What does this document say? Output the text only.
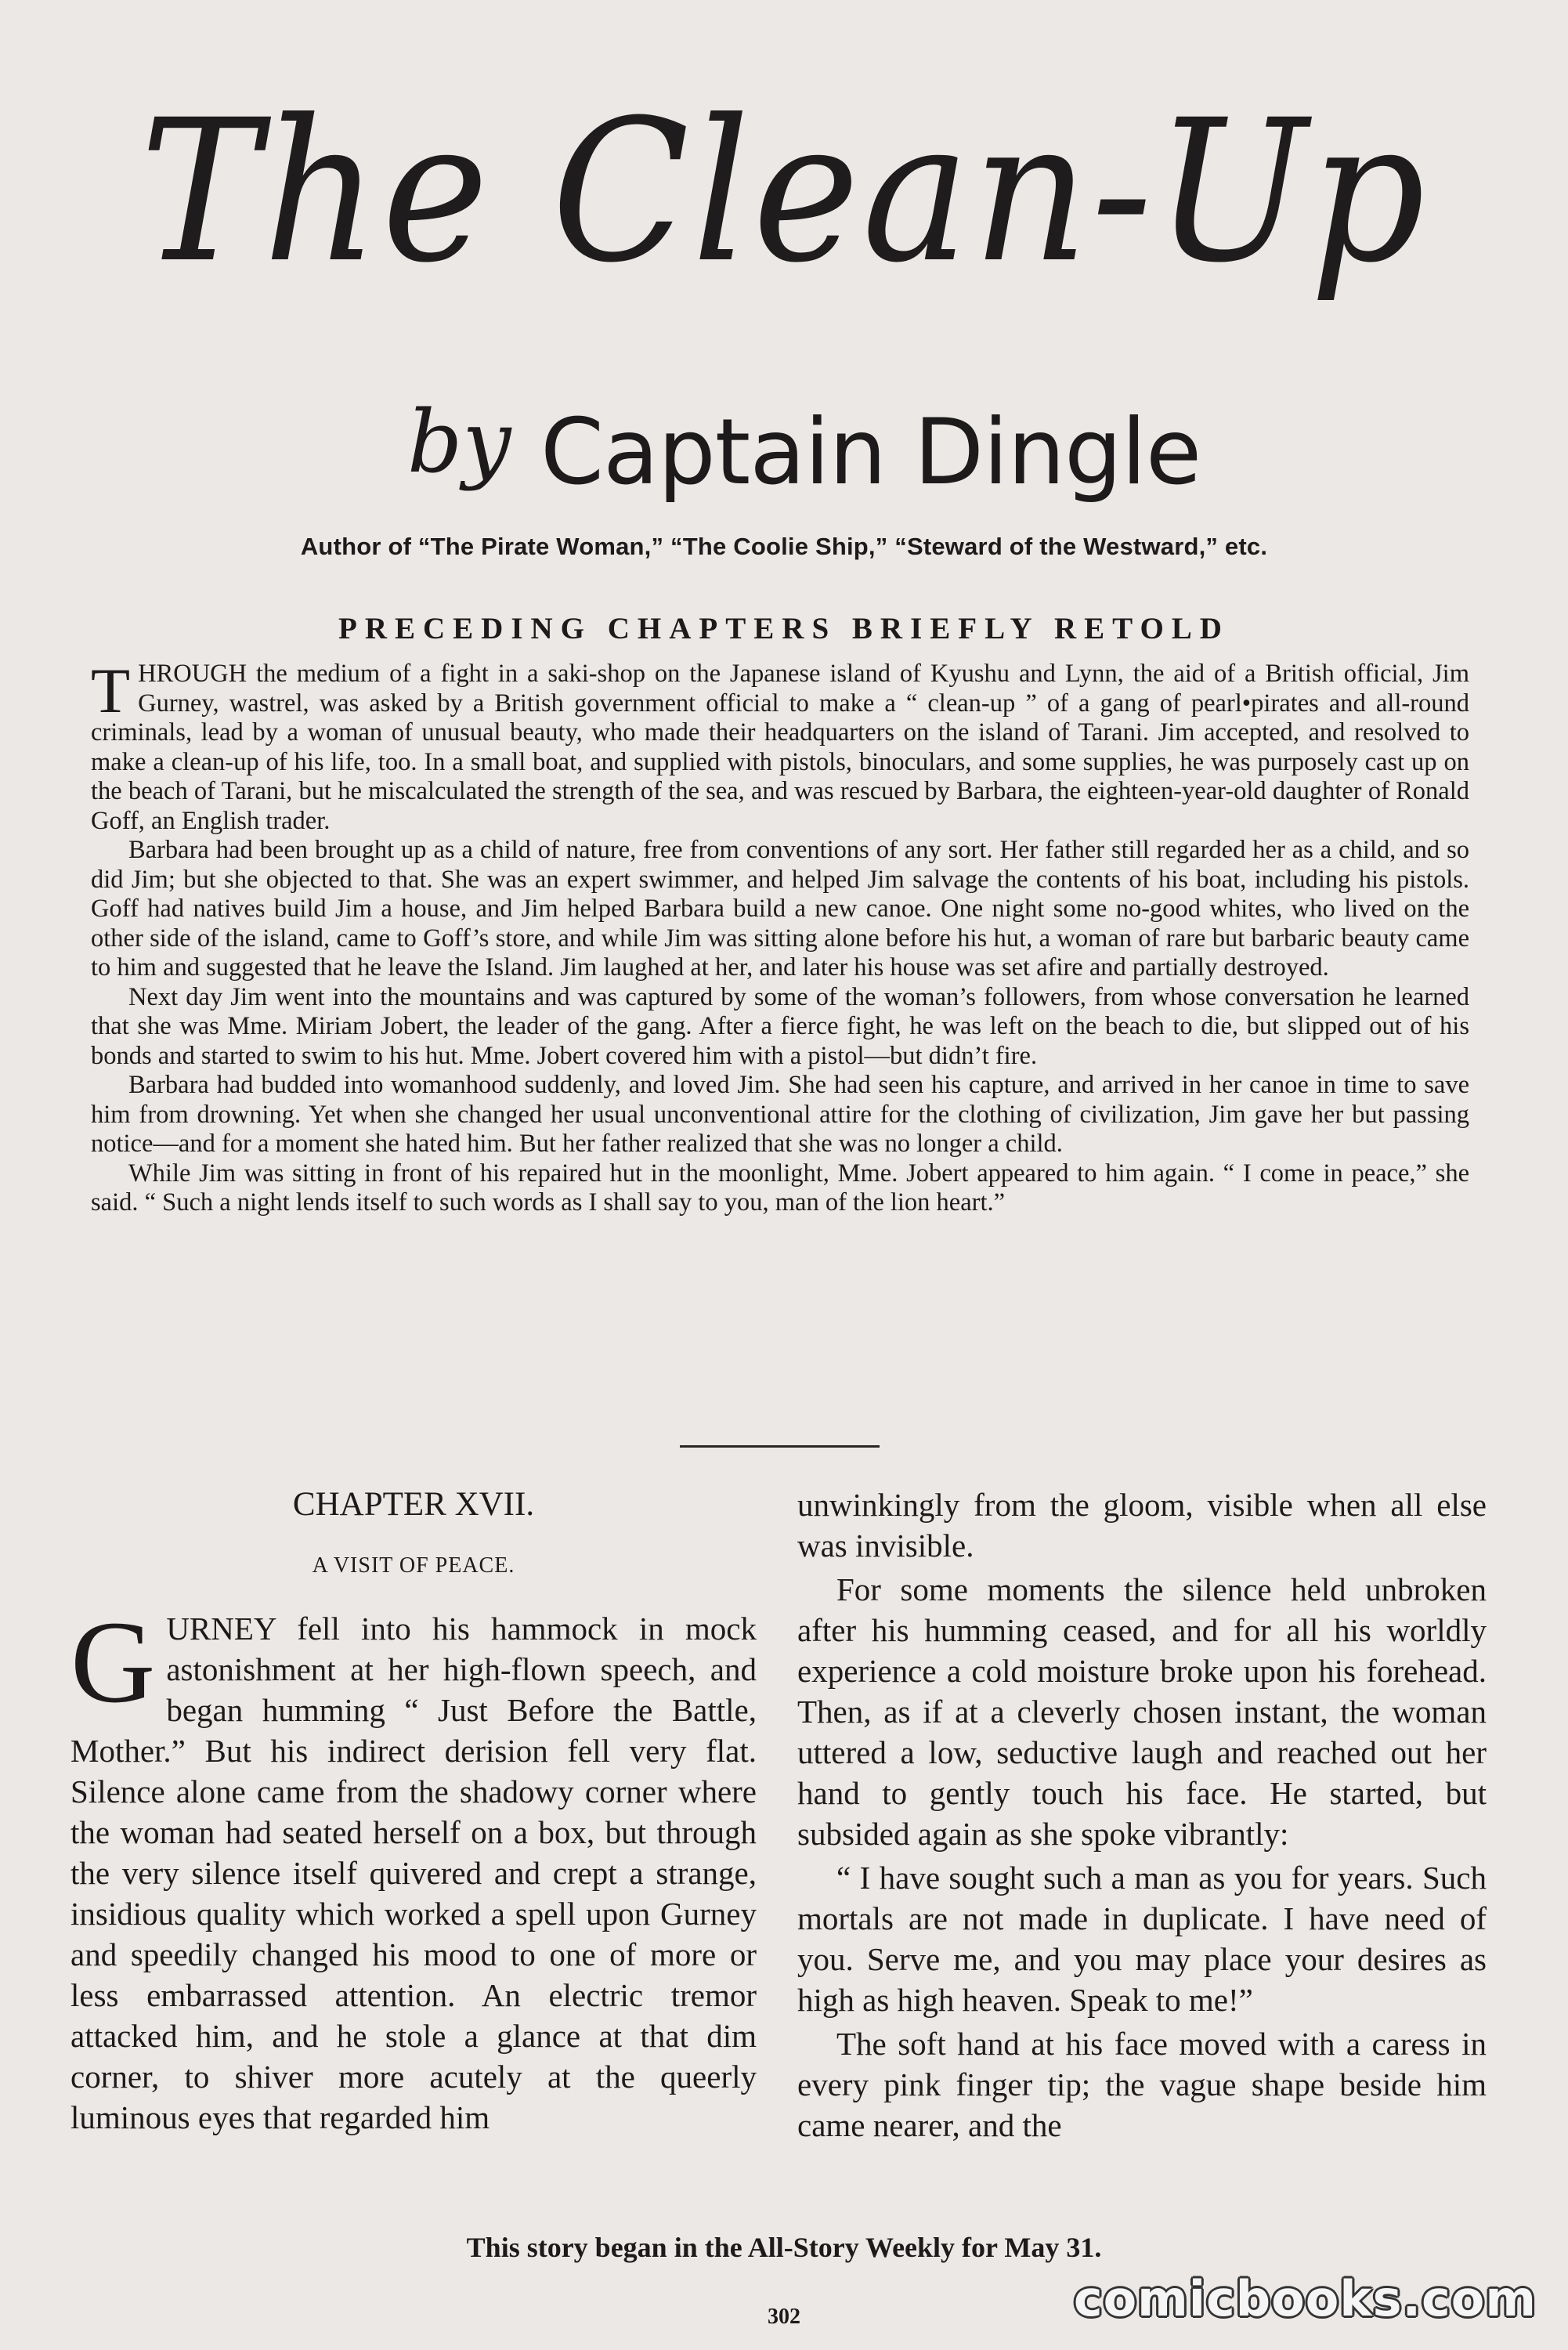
The Clean-Up
by Captain Dingle
Author of “The Pirate Woman,” “The Coolie Ship,” “Steward of the Westward,” etc.
PRECEDING CHAPTERS BRIEFLY RETOLD

THROUGH the medium of a fight in a saki-shop on the Japanese island of Kyushu and Lynn, the aid of a British official, Jim Gurney, wastrel, was asked by a British government official to make a “ clean-up ” of a gang of pearl•pirates and all-round criminals, lead by a woman of unusual beauty, who made their headquarters on the island of Tarani. Jim accepted, and resolved to make a clean-up of his life, too. In a small boat, and supplied with pistols, binoculars, and some supplies, he was purposely cast up on the beach of Tarani, but he miscalculated the strength of the sea, and was rescued by Barbara, the eighteen-year-old daughter of Ronald Goff, an English trader.

Barbara had been brought up as a child of nature, free from conventions of any sort. Her father still regarded her as a child, and so did Jim; but she objected to that. She was an expert swimmer, and helped Jim salvage the contents of his boat, including his pistols. Goff had natives build Jim a house, and Jim helped Barbara build a new canoe. One night some no-good whites, who lived on the other side of the island, came to Goff’s store, and while Jim was sitting alone before his hut, a woman of rare but barbaric beauty came to him and suggested that he leave the Island. Jim laughed at her, and later his house was set afire and partially destroyed.

Next day Jim went into the mountains and was captured by some of the woman’s followers, from whose conversation he learned that she was Mme. Miriam Jobert, the leader of the gang. After a fierce fight, he was left on the beach to die, but slipped out of his bonds and started to swim to his hut. Mme. Jobert covered him with a pistol—but didn’t fire.

Barbara had budded into womanhood suddenly, and loved Jim. She had seen his capture, and arrived in her canoe in time to save him from drowning. Yet when she changed her usual unconventional attire for the clothing of civilization, Jim gave her but passing notice—and for a moment she hated him. But her father realized that she was no longer a child.

While Jim was sitting in front of his repaired hut in the moonlight, Mme. Jobert appeared to him again. “ I come in peace,” she said. “ Such a night lends itself to such words as I shall say to you, man of the lion heart.”

CHAPTER XVII.
A VISIT OF PEACE.

GURNEY fell into his hammock in mock astonishment at her high-flown speech, and began humming “ Just Before the Battle, Mother.” But his indirect derision fell very flat. Silence alone came from the shadowy corner where the woman had seated herself on a box, but through the very silence itself quivered and crept a strange, insidious quality which worked a spell upon Gurney and speedily changed his mood to one of more or less embarrassed attention. An electric tremor attacked him, and he stole a glance at that dim corner, to shiver more acutely at the queerly luminous eyes that regarded him

unwinkingly from the gloom, visible when all else was invisible.

For some moments the silence held unbroken after his humming ceased, and for all his worldly experience a cold moisture broke upon his forehead. Then, as if at a cleverly chosen instant, the woman uttered a low, seductive laugh and reached out her hand to gently touch his face. He started, but subsided again as she spoke vibrantly:

“ I have sought such a man as you for years. Such mortals are not made in duplicate. I have need of you. Serve me, and you may place your desires as high as high heaven. Speak to me!”

The soft hand at his face moved with a caress in every pink finger tip; the vague shape beside him came nearer, and the

This story began in the All-Story Weekly for May 31.
302	comicbooks.com
